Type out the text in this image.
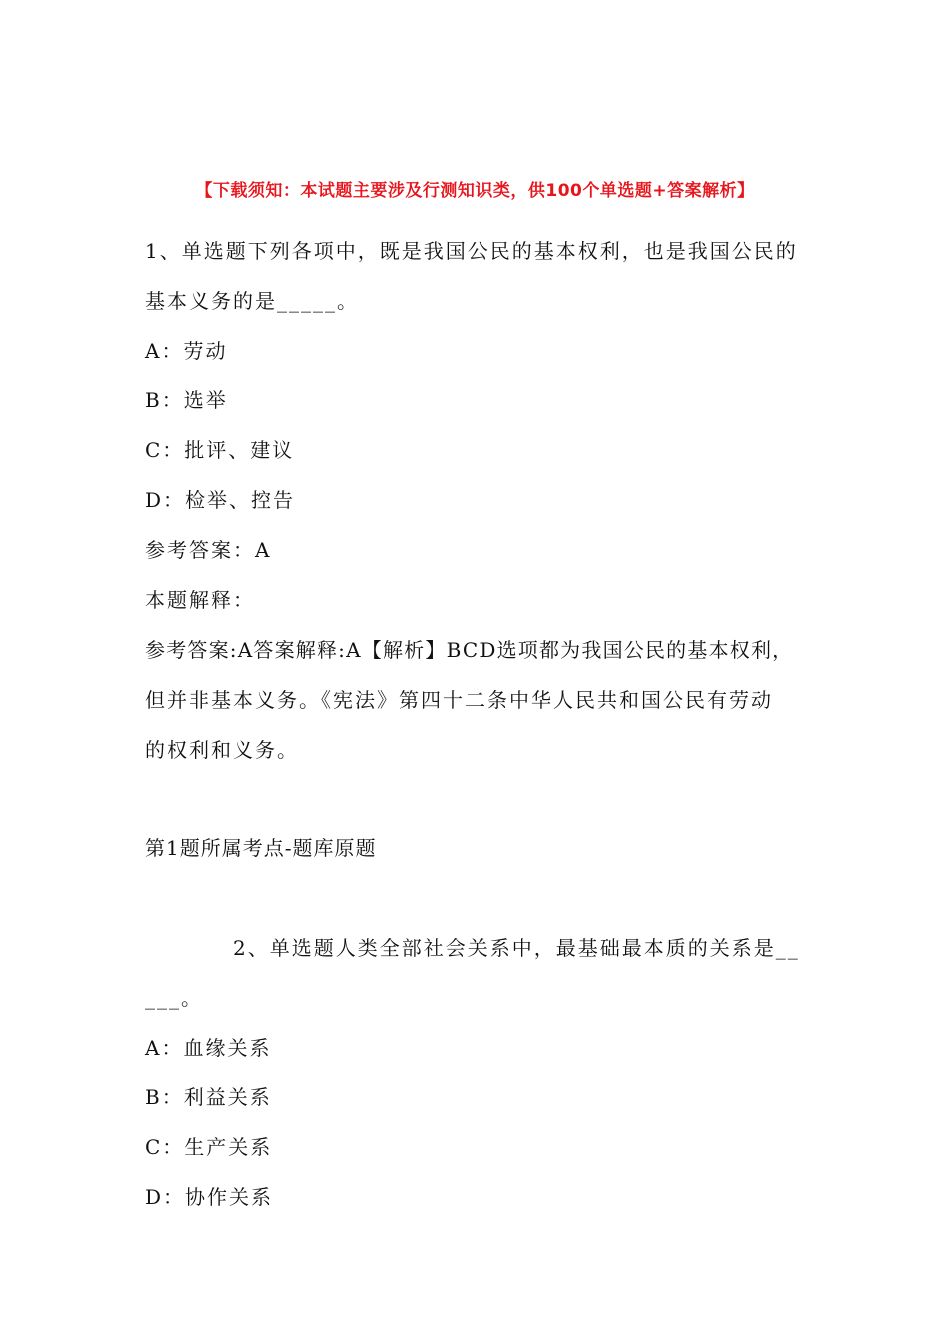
【下载须知：本试题主要涉及行测知识类，供100个单选题+答案解析】
1、单选题下列各项中，既是我国公民的基本权利，也是我国公民的
基本义务的是_____。
A：劳动
B：选举
C：批评、建议
D：检举、控告
参考答案：A
本题解释：
参考答案:A答案解释:A【解析】BCD选项都为我国公民的基本权利，
但并非基本义务。《宪法》第四十二条中华人民共和国公民有劳动
的权利和义务。
第1题所属考点-题库原题
2、单选题人类全部社会关系中，最基础最本质的关系是__
___。
A：血缘关系
B：利益关系
C：生产关系
D：协作关系
